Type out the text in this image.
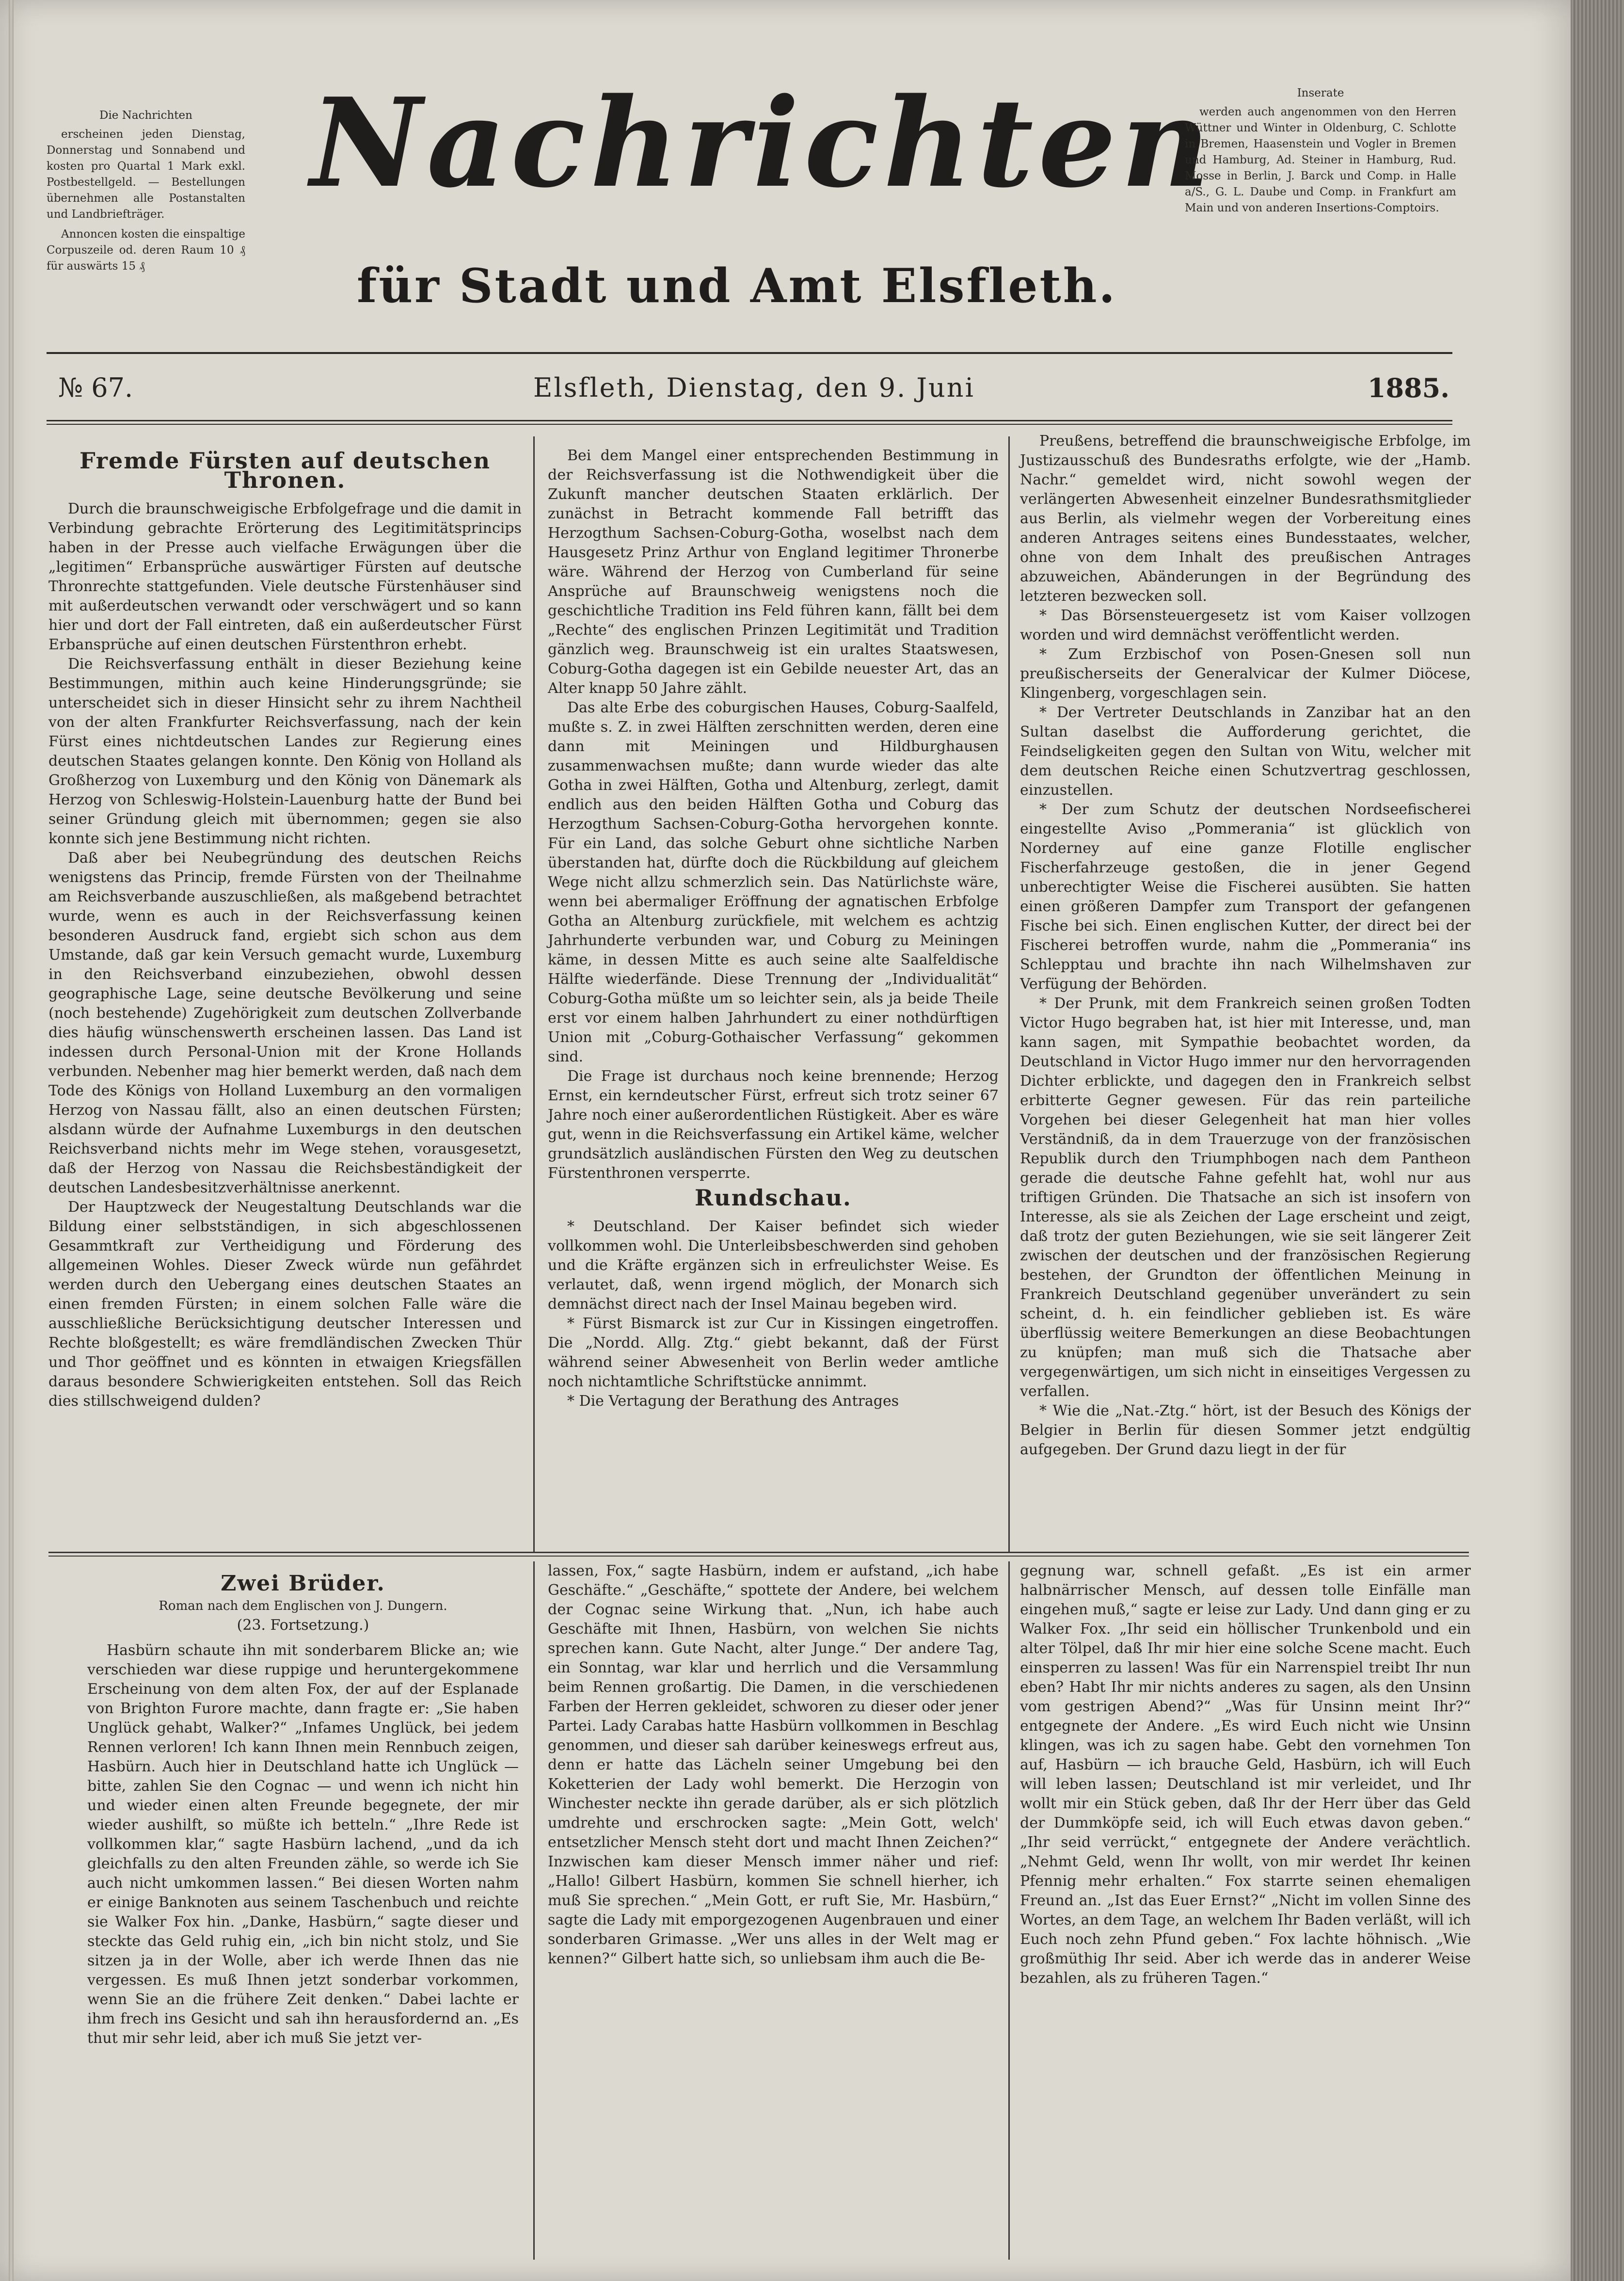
Die Nachrichten
erscheinen jeden Dienstag, Donnerstag und Sonnabend und kosten pro Quartal 1 Mark exkl. Postbestellgeld. — Bestellungen übernehmen alle Postanstalten und Landbriefträger.
Annoncen kosten die einspaltige Corpuszeile od. deren Raum 10 ₰ für auswärts 15 ₰
Nachrichten
für Stadt und Amt Elsfleth.
Inserate
werden auch angenommen von den Herren Wüttner und Winter in Oldenburg, C. Schlotte in Bremen, Haasenstein und Vogler in Bremen und Hamburg, Ad. Steiner in Hamburg, Rud. Mosse in Berlin, J. Barck und Comp. in Halle a/S., G. L. Daube und Comp. in Frankfurt am Main und von anderen Insertions-Comptoirs.
№ 67.	Elsfleth, Dienstag, den 9. Juni	1885.
Fremde Fürsten auf deutschen Thronen.
Durch die braunschweigische Erbfolgefrage und die damit in Verbindung gebrachte Erörterung des Legitimitätsprincips haben in der Presse auch vielfache Erwägungen über die „legitimen“ Erbansprüche auswärtiger Fürsten auf deutsche Thronrechte stattgefunden. Viele deutsche Fürstenhäuser sind mit außerdeutschen verwandt oder verschwägert und so kann hier und dort der Fall eintreten, daß ein außerdeutscher Fürst Erbansprüche auf einen deutschen Fürstenthron erhebt.
Die Reichsverfassung enthält in dieser Beziehung keine Bestimmungen, mithin auch keine Hinderungsgründe; sie unterscheidet sich in dieser Hinsicht sehr zu ihrem Nachtheil von der alten Frankfurter Reichsverfassung, nach der kein Fürst eines nichtdeutschen Landes zur Regierung eines deutschen Staates gelangen konnte. Den König von Holland als Großherzog von Luxemburg und den König von Dänemark als Herzog von Schleswig-Holstein-Lauenburg hatte der Bund bei seiner Gründung gleich mit übernommen; gegen sie also konnte sich jene Bestimmung nicht richten.
Daß aber bei Neubegründung des deutschen Reichs wenigstens das Princip, fremde Fürsten von der Theilnahme am Reichsverbande auszuschließen, als maßgebend betrachtet wurde, wenn es auch in der Reichsverfassung keinen besonderen Ausdruck fand, ergiebt sich schon aus dem Umstande, daß gar kein Versuch gemacht wurde, Luxemburg in den Reichsverband einzubeziehen, obwohl dessen geographische Lage, seine deutsche Bevölkerung und seine (noch bestehende) Zugehörigkeit zum deutschen Zollverbande dies häufig wünschenswerth erscheinen lassen. Das Land ist indessen durch Personal-Union mit der Krone Hollands verbunden. Nebenher mag hier bemerkt werden, daß nach dem Tode des Königs von Holland Luxemburg an den vormaligen Herzog von Nassau fällt, also an einen deutschen Fürsten; alsdann würde der Aufnahme Luxemburgs in den deutschen Reichsverband nichts mehr im Wege stehen, vorausgesetzt, daß der Herzog von Nassau die Reichsbeständigkeit der deutschen Landesbesitzverhältnisse anerkennt.
Der Hauptzweck der Neugestaltung Deutschlands war die Bildung einer selbstständigen, in sich abgeschlossenen Gesammtkraft zur Vertheidigung und Förderung des allgemeinen Wohles. Dieser Zweck würde nun gefährdet werden durch den Uebergang eines deutschen Staates an einen fremden Fürsten; in einem solchen Falle wäre die ausschließliche Berücksichtigung deutscher Interessen und Rechte bloßgestellt; es wäre fremdländischen Zwecken Thür und Thor geöffnet und es könnten in etwaigen Kriegsfällen daraus besondere Schwierigkeiten entstehen. Soll das Reich dies stillschweigend dulden?
Bei dem Mangel einer entsprechenden Bestimmung in der Reichsverfassung ist die Nothwendigkeit über die Zukunft mancher deutschen Staaten erklärlich. Der zunächst in Betracht kommende Fall betrifft das Herzogthum Sachsen-Coburg-Gotha, woselbst nach dem Hausgesetz Prinz Arthur von England legitimer Thronerbe wäre. Während der Herzog von Cumberland für seine Ansprüche auf Braunschweig wenigstens noch die geschichtliche Tradition ins Feld führen kann, fällt bei dem „Rechte“ des englischen Prinzen Legitimität und Tradition gänzlich weg. Braunschweig ist ein uraltes Staatswesen, Coburg-Gotha dagegen ist ein Gebilde neuester Art, das an Alter knapp 50 Jahre zählt.
Das alte Erbe des coburgischen Hauses, Coburg-Saalfeld, mußte s. Z. in zwei Hälften zerschnitten werden, deren eine dann mit Meiningen und Hildburghausen zusammenwachsen mußte; dann wurde wieder das alte Gotha in zwei Hälften, Gotha und Altenburg, zerlegt, damit endlich aus den beiden Hälften Gotha und Coburg das Herzogthum Sachsen-Coburg-Gotha hervorgehen konnte. Für ein Land, das solche Geburt ohne sichtliche Narben überstanden hat, dürfte doch die Rückbildung auf gleichem Wege nicht allzu schmerzlich sein. Das Natürlichste wäre, wenn bei abermaliger Eröffnung der agnatischen Erbfolge Gotha an Altenburg zurückfiele, mit welchem es achtzig Jahrhunderte verbunden war, und Coburg zu Meiningen käme, in dessen Mitte es auch seine alte Saalfeldische Hälfte wiederfände. Diese Trennung der „Individualität“ Coburg-Gotha müßte um so leichter sein, als ja beide Theile erst vor einem halben Jahrhundert zu einer nothdürftigen Union mit „Coburg-Gothaischer Verfassung“ gekommen sind.
Die Frage ist durchaus noch keine brennende; Herzog Ernst, ein kerndeutscher Fürst, erfreut sich trotz seiner 67 Jahre noch einer außerordentlichen Rüstigkeit. Aber es wäre gut, wenn in die Reichsverfassung ein Artikel käme, welcher grundsätzlich ausländischen Fürsten den Weg zu deutschen Fürstenthronen versperrte.
Rundschau.
* Deutschland. Der Kaiser befindet sich wieder vollkommen wohl. Die Unterleibsbeschwerden sind gehoben und die Kräfte ergänzen sich in erfreulichster Weise. Es verlautet, daß, wenn irgend möglich, der Monarch sich demnächst direct nach der Insel Mainau begeben wird.
* Fürst Bismarck ist zur Cur in Kissingen eingetroffen. Die „Nordd. Allg. Ztg.“ giebt bekannt, daß der Fürst während seiner Abwesenheit von Berlin weder amtliche noch nichtamtliche Schriftstücke annimmt.
* Die Vertagung der Berathung des Antrages
Preußens, betreffend die braunschweigische Erbfolge, im Justizausschuß des Bundesraths erfolgte, wie der „Hamb. Nachr.“ gemeldet wird, nicht sowohl wegen der verlängerten Abwesenheit einzelner Bundesrathsmitglieder aus Berlin, als vielmehr wegen der Vorbereitung eines anderen Antrages seitens eines Bundesstaates, welcher, ohne von dem Inhalt des preußischen Antrages abzuweichen, Abänderungen in der Begründung des letzteren bezwecken soll.
* Das Börsensteuergesetz ist vom Kaiser vollzogen worden und wird demnächst veröffentlicht werden.
* Zum Erzbischof von Posen-Gnesen soll nun preußischerseits der Generalvicar der Kulmer Diöcese, Klingenberg, vorgeschlagen sein.
* Der Vertreter Deutschlands in Zanzibar hat an den Sultan daselbst die Aufforderung gerichtet, die Feindseligkeiten gegen den Sultan von Witu, welcher mit dem deutschen Reiche einen Schutzvertrag geschlossen, einzustellen.
* Der zum Schutz der deutschen Nordseefischerei eingestellte Aviso „Pommerania“ ist glücklich von Norderney auf eine ganze Flotille englischer Fischerfahrzeuge gestoßen, die in jener Gegend unberechtigter Weise die Fischerei ausübten. Sie hatten einen größeren Dampfer zum Transport der gefangenen Fische bei sich. Einen englischen Kutter, der direct bei der Fischerei betroffen wurde, nahm die „Pommerania“ ins Schlepptau und brachte ihn nach Wilhelmshaven zur Verfügung der Behörden.
* Der Prunk, mit dem Frankreich seinen großen Todten Victor Hugo begraben hat, ist hier mit Interesse, und, man kann sagen, mit Sympathie beobachtet worden, da Deutschland in Victor Hugo immer nur den hervorragenden Dichter erblickte, und dagegen den in Frankreich selbst erbitterte Gegner gewesen. Für das rein parteiliche Vorgehen bei dieser Gelegenheit hat man hier volles Verständniß, da in dem Trauerzuge von der französischen Republik durch den Triumphbogen nach dem Pantheon gerade die deutsche Fahne gefehlt hat, wohl nur aus triftigen Gründen. Die Thatsache an sich ist insofern von Interesse, als sie als Zeichen der Lage erscheint und zeigt, daß trotz der guten Beziehungen, wie sie seit längerer Zeit zwischen der deutschen und der französischen Regierung bestehen, der Grundton der öffentlichen Meinung in Frankreich Deutschland gegenüber unverändert zu sein scheint, d. h. ein feindlicher geblieben ist. Es wäre überflüssig weitere Bemerkungen an diese Beobachtungen zu knüpfen; man muß sich die Thatsache aber vergegenwärtigen, um sich nicht in einseitiges Vergessen zu verfallen.
* Wie die „Nat.-Ztg.“ hört, ist der Besuch des Königs der Belgier in Berlin für diesen Sommer jetzt endgültig aufgegeben. Der Grund dazu liegt in der für
Zwei Brüder.
Roman nach dem Englischen von J. Dungern.
(23. Fortsetzung.)
Hasbürn schaute ihn mit sonderbarem Blicke an; wie verschieden war diese ruppige und heruntergekommene Erscheinung von dem alten Fox, der auf der Esplanade von Brighton Furore machte, dann fragte er: „Sie haben Unglück gehabt, Walker?“ „Infames Unglück, bei jedem Rennen verloren! Ich kann Ihnen mein Rennbuch zeigen, Hasbürn. Auch hier in Deutschland hatte ich Unglück — bitte, zahlen Sie den Cognac — und wenn ich nicht hin und wieder einen alten Freunde begegnete, der mir wieder aushilft, so müßte ich betteln.“ „Ihre Rede ist vollkommen klar,“ sagte Hasbürn lachend, „und da ich gleichfalls zu den alten Freunden zähle, so werde ich Sie auch nicht umkommen lassen.“ Bei diesen Worten nahm er einige Banknoten aus seinem Taschenbuch und reichte sie Walker Fox hin. „Danke, Hasbürn,“ sagte dieser und steckte das Geld ruhig ein, „ich bin nicht stolz, und Sie sitzen ja in der Wolle, aber ich werde Ihnen das nie vergessen. Es muß Ihnen jetzt sonderbar vorkommen, wenn Sie an die frühere Zeit denken.“ Dabei lachte er ihm frech ins Gesicht und sah ihn herausfordernd an. „Es thut mir sehr leid, aber ich muß Sie jetzt ver-
lassen, Fox,“ sagte Hasbürn, indem er aufstand, „ich habe Geschäfte.“ „Geschäfte,“ spottete der Andere, bei welchem der Cognac seine Wirkung that. „Nun, ich habe auch Geschäfte mit Ihnen, Hasbürn, von welchen Sie nichts sprechen kann. Gute Nacht, alter Junge.“ Der andere Tag, ein Sonntag, war klar und herrlich und die Versammlung beim Rennen großartig. Die Damen, in die verschiedenen Farben der Herren gekleidet, schworen zu dieser oder jener Partei. Lady Carabas hatte Hasbürn vollkommen in Beschlag genommen, und dieser sah darüber keineswegs erfreut aus, denn er hatte das Lächeln seiner Umgebung bei den Koketterien der Lady wohl bemerkt. Die Herzogin von Winchester neckte ihn gerade darüber, als er sich plötzlich umdrehte und erschrocken sagte: „Mein Gott, welch' entsetzlicher Mensch steht dort und macht Ihnen Zeichen?“ Inzwischen kam dieser Mensch immer näher und rief: „Hallo! Gilbert Hasbürn, kommen Sie schnell hierher, ich muß Sie sprechen.“ „Mein Gott, er ruft Sie, Mr. Hasbürn,“ sagte die Lady mit emporgezogenen Augenbrauen und einer sonderbaren Grimasse. „Wer uns alles in der Welt mag er kennen?“ Gilbert hatte sich, so unliebsam ihm auch die Be-
gegnung war, schnell gefaßt. „Es ist ein armer halbnärrischer Mensch, auf dessen tolle Einfälle man eingehen muß,“ sagte er leise zur Lady. Und dann ging er zu Walker Fox. „Ihr seid ein höllischer Trunkenbold und ein alter Tölpel, daß Ihr mir hier eine solche Scene macht. Euch einsperren zu lassen! Was für ein Narrenspiel treibt Ihr nun eben? Habt Ihr mir nichts anderes zu sagen, als den Unsinn vom gestrigen Abend?“ „Was für Unsinn meint Ihr?“ entgegnete der Andere. „Es wird Euch nicht wie Unsinn klingen, was ich zu sagen habe. Gebt den vornehmen Ton auf, Hasbürn — ich brauche Geld, Hasbürn, ich will Euch will leben lassen; Deutschland ist mir verleidet, und Ihr wollt mir ein Stück geben, daß Ihr der Herr über das Geld der Dummköpfe seid, ich will Euch etwas davon geben.“ „Ihr seid verrückt,“ entgegnete der Andere verächtlich. „Nehmt Geld, wenn Ihr wollt, von mir werdet Ihr keinen Pfennig mehr erhalten.“ Fox starrte seinen ehemaligen Freund an. „Ist das Euer Ernst?“ „Nicht im vollen Sinne des Wortes, an dem Tage, an welchem Ihr Baden verläßt, will ich Euch noch zehn Pfund geben.“ Fox lachte höhnisch. „Wie großmüthig Ihr seid. Aber ich werde das in anderer Weise bezahlen, als zu früheren Tagen.“
